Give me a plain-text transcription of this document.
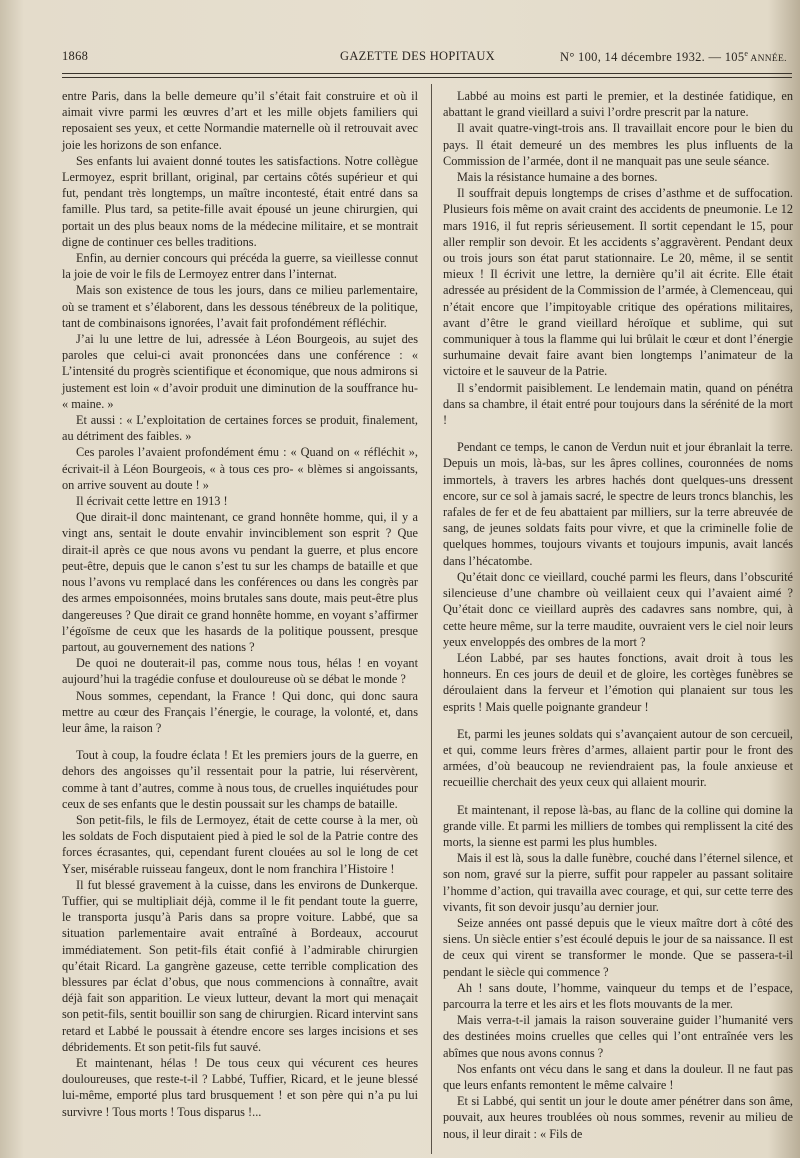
1868	GAZETTE DES HOPITAUX	N° 100, 14 décembre 1932. — 105e ANNÉE.

entre Paris, dans la belle demeure qu’il s’était fait construire et où il aimait vivre parmi les œuvres d’art et les mille objets familiers qui reposaient ses yeux, et cette Normandie maternelle où il retrouvait avec joie les horizons de son enfance.

Ses enfants lui avaient donné toutes les satisfactions. Notre collègue Lermoyez, esprit brillant, original, par certains côtés supérieur et qui fut, pendant très longtemps, un maître incontesté, était entré dans sa famille. Plus tard, sa petite-fille avait épousé un jeune chirurgien, qui portait un des plus beaux noms de la médecine militaire, et se montrait digne de continuer ces belles traditions.

Enfin, au dernier concours qui précéda la guerre, sa vieillesse connut la joie de voir le fils de Lermoyez entrer dans l’internat.

Mais son existence de tous les jours, dans ce milieu parlementaire, où se trament et s’élaborent, dans les dessous ténébreux de la politique, tant de combinaisons ignorées, l’avait fait profondément réfléchir.

J’ai lu une lettre de lui, adressée à Léon Bourgeois, au sujet des paroles que celui-ci avait prononcées dans une conférence : « L’intensité du progrès scientifique et économique, que nous admirons si justement est loin « d’avoir produit une diminution de la souffrance hu- « maine. »

Et aussi : « L’exploitation de certaines forces se produit, finalement, au détriment des faibles. »

Ces paroles l’avaient profondément ému : « Quand on « réfléchit », écrivait-il à Léon Bourgeois, « à tous ces pro- « blèmes si angoissants, on arrive souvent au doute ! »

Il écrivait cette lettre en 1913 !

Que dirait-il donc maintenant, ce grand honnête homme, qui, il y a vingt ans, sentait le doute envahir invinciblement son esprit ? Que dirait-il après ce que nous avons vu pendant la guerre, et plus encore peut-être, depuis que le canon s’est tu sur les champs de bataille et que nous l’avons vu remplacé dans les conférences ou dans les congrès par des armes empoisonnées, moins brutales sans doute, mais peut-être plus dangereuses ? Que dirait ce grand honnête homme, en voyant s’affirmer l’égoïsme de ceux que les hasards de la politique poussent, presque partout, au gouvernement des nations ?

De quoi ne douterait-il pas, comme nous tous, hélas ! en voyant aujourd’hui la tragédie confuse et douloureuse où se débat le monde ?

Nous sommes, cependant, la France ! Qui donc, qui donc saura mettre au cœur des Français l’énergie, le courage, la volonté, et, dans leur âme, la raison ?

Tout à coup, la foudre éclata ! Et les premiers jours de la guerre, en dehors des angoisses qu’il ressentait pour la patrie, lui réservèrent, comme à tant d’autres, comme à nous tous, de cruelles inquiétudes pour ceux de ses enfants que le destin poussait sur les champs de bataille.

Son petit-fils, le fils de Lermoyez, était de cette course à la mer, où les soldats de Foch disputaient pied à pied le sol de la Patrie contre des forces écrasantes, qui, cependant furent clouées au sol le long de cet Yser, misérable ruisseau fangeux, dont le nom franchira l’Histoire !

Il fut blessé gravement à la cuisse, dans les environs de Dunkerque. Tuffier, qui se multipliait déjà, comme il le fit pendant toute la guerre, le transporta jusqu’à Paris dans sa propre voiture. Labbé, que sa situation parlementaire avait entraîné à Bordeaux, accourut immédiatement. Son petit-fils était confié à l’admirable chirurgien qu’était Ricard. La gangrène gazeuse, cette terrible complication des blessures par éclat d’obus, que nous commencions à connaître, avait déjà fait son apparition. Le vieux lutteur, devant la mort qui menaçait son petit-fils, sentit bouillir son sang de chirurgien. Ricard intervint sans retard et Labbé le poussait à étendre encore ses larges incisions et ses débridements. Et son petit-fils fut sauvé.

Et maintenant, hélas ! De tous ceux qui vécurent ces heures douloureuses, que reste-t-il ? Labbé, Tuffier, Ricard, et le jeune blessé lui-même, emporté plus tard brusquement ! et son père qui n’a pu lui survivre ! Tous morts ! Tous disparus !...

Labbé au moins est parti le premier, et la destinée fatidique, en abattant le grand vieillard a suivi l’ordre prescrit par la nature.

Il avait quatre-vingt-trois ans. Il travaillait encore pour le bien du pays. Il était demeuré un des membres les plus influents de la Commission de l’armée, dont il ne manquait pas une seule séance.

Mais la résistance humaine a des bornes.

Il souffrait depuis longtemps de crises d’asthme et de suffocation. Plusieurs fois même on avait craint des accidents de pneumonie. Le 12 mars 1916, il fut repris sérieusement. Il sortit cependant le 15, pour aller remplir son devoir. Et les accidents s’aggravèrent. Pendant deux ou trois jours son état parut stationnaire. Le 20, même, il se sentit mieux ! Il écrivit une lettre, la dernière qu’il ait écrite. Elle était adressée au président de la Commission de l’armée, à Clemenceau, qui n’était encore que l’impitoyable critique des opérations militaires, avant d’être le grand vieillard héroïque et sublime, qui sut communiquer à tous la flamme qui lui brûlait le cœur et dont l’énergie surhumaine devait faire avant bien longtemps l’animateur de la victoire et le sauveur de la Patrie.

Il s’endormit paisiblement. Le lendemain matin, quand on pénétra dans sa chambre, il était entré pour toujours dans la sérénité de la mort !

Pendant ce temps, le canon de Verdun nuit et jour ébranlait la terre. Depuis un mois, là-bas, sur les âpres collines, couronnées de noms immortels, à travers les arbres hachés dont quelques-uns dressent encore, sur ce sol à jamais sacré, le spectre de leurs troncs blanchis, les rafales de fer et de feu abattaient par milliers, sur la terre abreuvée de sang, de jeunes soldats faits pour vivre, et que la criminelle folie de quelques hommes, toujours vivants et toujours impunis, avait lancés dans l’hécatombe.

Qu’était donc ce vieillard, couché parmi les fleurs, dans l’obscurité silencieuse d’une chambre où veillaient ceux qui l’avaient aimé ? Qu’était donc ce vieillard auprès des cadavres sans nombre, qui, à cette heure même, sur la terre maudite, ouvraient vers le ciel noir leurs yeux enveloppés des ombres de la mort ?

Léon Labbé, par ses hautes fonctions, avait droit à tous les honneurs. En ces jours de deuil et de gloire, les cortèges funèbres se déroulaient dans la ferveur et l’émotion qui planaient sur tous les esprits ! Mais quelle poignante grandeur !

Et, parmi les jeunes soldats qui s’avançaient autour de son cercueil, et qui, comme leurs frères d’armes, allaient partir pour le front des armées, d’où beaucoup ne reviendraient pas, la foule anxieuse et recueillie cherchait des yeux ceux qui allaient mourir.

Et maintenant, il repose là-bas, au flanc de la colline qui domine la grande ville. Et parmi les milliers de tombes qui remplissent la cité des morts, la sienne est parmi les plus humbles.

Mais il est là, sous la dalle funèbre, couché dans l’éternel silence, et son nom, gravé sur la pierre, suffit pour rappeler au passant solitaire l’homme d’action, qui travailla avec courage, et qui, sur cette terre des vivants, fit son devoir jusqu’au dernier jour.

Seize années ont passé depuis que le vieux maître dort à côté des siens. Un siècle entier s’est écoulé depuis le jour de sa naissance. Il est de ceux qui virent se transformer le monde. Que se passera-t-il pendant le siècle qui commence ?

Ah ! sans doute, l’homme, vainqueur du temps et de l’espace, parcourra la terre et les airs et les flots mouvants de la mer.

Mais verra-t-il jamais la raison souveraine guider l’humanité vers des destinées moins cruelles que celles qui l’ont entraînée vers les abîmes que nous avons connus ?

Nos enfants ont vécu dans le sang et dans la douleur. Il ne faut pas que leurs enfants remontent le même calvaire !

Et si Labbé, qui sentit un jour le doute amer pénétrer dans son âme, pouvait, aux heures troublées où nous sommes, revenir au milieu de nous, il leur dirait : « Fils de
